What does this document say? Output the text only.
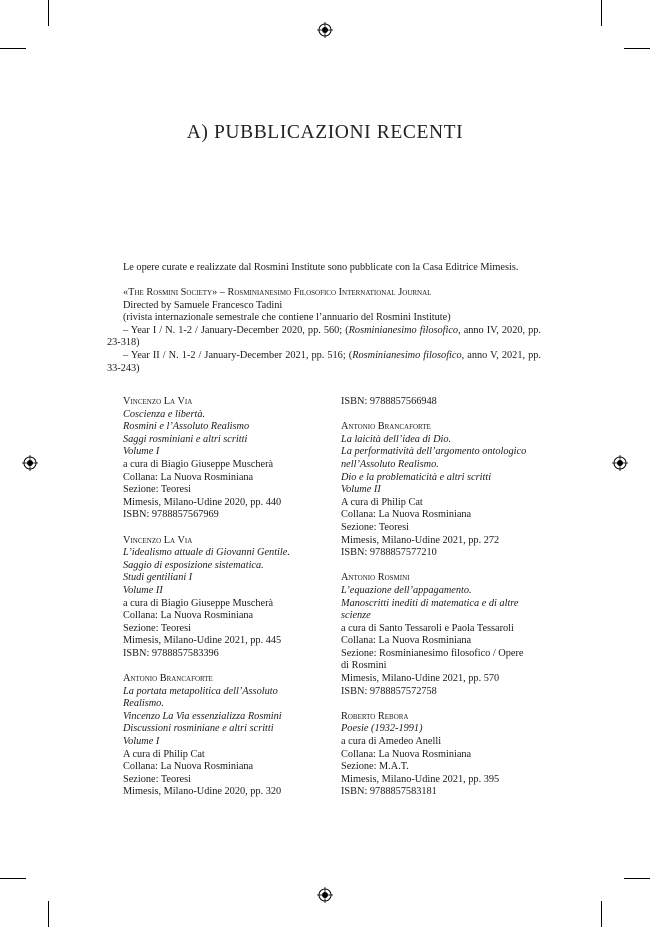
A) PUBBLICAZIONI RECENTI

Le opere curate e realizzate dal Rosmini Institute sono pubblicate con la Casa Editrice Mimesis.

«The Rosmini Society» – Rosminianesimo Filosofico International Journal

Directed by Samuele Francesco Tadini

(rivista internazionale semestrale che contiene l’annuario del Rosmini Institute)

– Year I / N. 1-2 / January-December 2020, pp. 560; (Rosminianesimo filosofico, anno IV, 2020, pp. 23-318)

– Year II / N. 1-2 / January-December 2021, pp. 516; (Rosminianesimo filosofico, anno V, 2021, pp. 33-243)

Vincenzo La Via
Coscienza e libertà.
Rosmini e l’Assoluto Realismo
Saggi rosminiani e altri scritti
Volume I
a cura di Biagio Giuseppe Muscherà
Collana: La Nuova Rosminiana
Sezione: Teoresi
Mimesis, Milano-Udine 2020, pp. 440
ISBN: 9788857567969
Vincenzo La Via
L’idealismo attuale di Giovanni Gentile.
Saggio di esposizione sistematica.
Studi gentiliani I
Volume II
a cura di Biagio Giuseppe Muscherà
Collana: La Nuova Rosminiana
Sezione: Teoresi
Mimesis, Milano-Udine 2021, pp. 445
ISBN: 9788857583396
Antonio Brancaforte
La portata metapolitica dell’Assoluto
Realismo.
Vincenzo La Via essenzializza Rosmini
Discussioni rosminiane e altri scritti
Volume I
A cura di Philip Cat
Collana: La Nuova Rosminiana
Sezione: Teoresi
Mimesis, Milano-Udine 2020, pp. 320
ISBN: 9788857566948
Antonio Brancaforte
La laicità dell’idea di Dio.
La performatività dell’argomento ontologico
nell’Assoluto Realismo.
Dio e la problematicità e altri scritti
Volume II
A cura di Philip Cat
Collana: La Nuova Rosminiana
Sezione: Teoresi
Mimesis, Milano-Udine 2021, pp. 272
ISBN: 9788857577210
Antonio Rosmini
L’equazione dell’appagamento.
Manoscritti inediti di matematica e di altre
scienze
a cura di Santo Tessaroli e Paola Tessaroli
Collana: La Nuova Rosminiana
Sezione: Rosminianesimo filosofico / Opere
di Rosmini
Mimesis, Milano-Udine 2021, pp. 570
ISBN: 9788857572758
Roberto Rebora
Poesie (1932-1991)
a cura di Amedeo Anelli
Collana: La Nuova Rosminiana
Sezione: M.A.T.
Mimesis, Milano-Udine 2021, pp. 395
ISBN: 9788857583181
